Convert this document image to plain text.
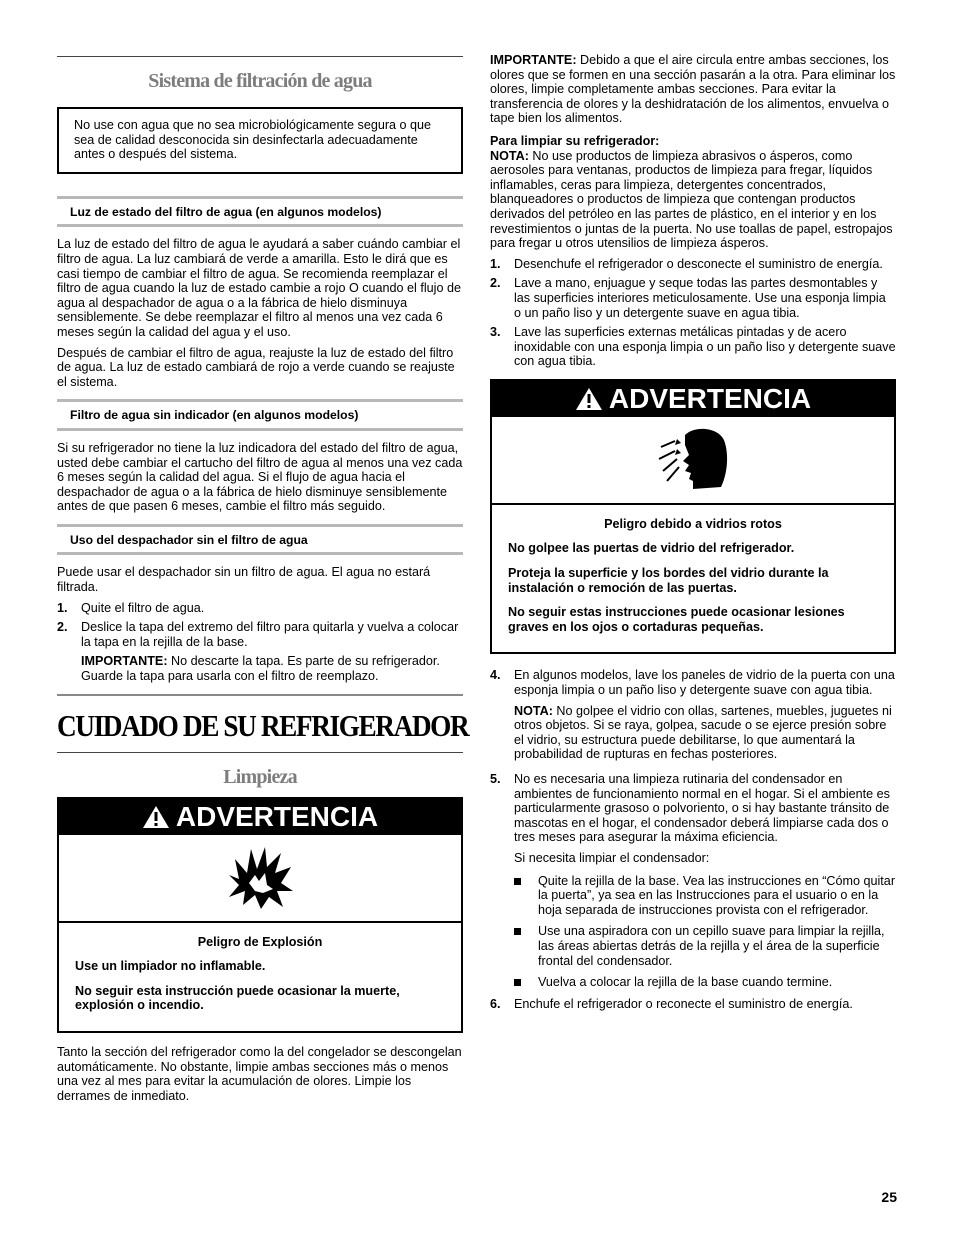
Sistema de filtración de agua

No use con agua que no sea microbiológicamente segura o que sea de calidad desconocida sin desinfectarla adecuadamente antes o después del sistema.

Luz de estado del filtro de agua (en algunos modelos)

La luz de estado del filtro de agua le ayudará a saber cuándo cambiar el filtro de agua. La luz cambiará de verde a amarilla. Esto le dirá que es casi tiempo de cambiar el filtro de agua. Se recomienda reemplazar el filtro de agua cuando la luz de estado cambie a rojo O cuando el flujo de agua al despachador de agua o a la fábrica de hielo disminuya sensiblemente. Se debe reemplazar el filtro al menos una vez cada 6 meses según la calidad del agua y el uso.

Después de cambiar el filtro de agua, reajuste la luz de estado del filtro de agua. La luz de estado cambiará de rojo a verde cuando se reajuste el sistema.

Filtro de agua sin indicador (en algunos modelos)

Si su refrigerador no tiene la luz indicadora del estado del filtro de agua, usted debe cambiar el cartucho del filtro de agua al menos una vez cada 6 meses según la calidad del agua. Si el flujo de agua hacia el despachador de agua o a la fábrica de hielo disminuye sensiblemente antes de que pasen 6 meses, cambie el filtro más seguido.

Uso del despachador sin el filtro de agua

Puede usar el despachador sin un filtro de agua. El agua no estará filtrada.

1. Quite el filtro de agua.
2. Deslice la tapa del extremo del filtro para quitarla y vuelva a colocar la tapa en la rejilla de la base.

IMPORTANTE: No descarte la tapa. Es parte de su refrigerador. Guarde la tapa para usarla con el filtro de reemplazo.

CUIDADO DE SU REFRIGERADOR
Limpieza
ADVERTENCIA

Peligro de Explosión

Use un limpiador no inflamable.

No seguir esta instrucción puede ocasionar la muerte, explosión o incendio.

Tanto la sección del refrigerador como la del congelador se descongelan automáticamente. No obstante, limpie ambas secciones más o menos una vez al mes para evitar la acumulación de olores. Limpie los derrames de inmediato.

IMPORTANTE: Debido a que el aire circula entre ambas secciones, los olores que se formen en una sección pasarán a la otra. Para eliminar los olores, limpie completamente ambas secciones. Para evitar la transferencia de olores y la deshidratación de los alimentos, envuelva o tape bien los alimentos.

Para limpiar su refrigerador:

NOTA: No use productos de limpieza abrasivos o ásperos, como aerosoles para ventanas, productos de limpieza para fregar, líquidos inflamables, ceras para limpieza, detergentes concentrados, blanqueadores o productos de limpieza que contengan productos derivados del petróleo en las partes de plástico, en el interior y en los revestimientos o juntas de la puerta. No use toallas de papel, estropajos para fregar u otros utensilios de limpieza ásperos.

1. Desenchufe el refrigerador o desconecte el suministro de energía.
2. Lave a mano, enjuague y seque todas las partes desmontables y las superficies interiores meticulosamente. Use una esponja limpia o un paño liso y un detergente suave en agua tibia.
3. Lave las superficies externas metálicas pintadas y de acero inoxidable con una esponja limpia o un paño liso y detergente suave con agua tibia.
ADVERTENCIA

Peligro debido a vidrios rotos

No golpee las puertas de vidrio del refrigerador.

Proteja la superficie y los bordes del vidrio durante la instalación o remoción de las puertas.

No seguir estas instrucciones puede ocasionar lesiones graves en los ojos o cortaduras pequeñas.

4. En algunos modelos, lave los paneles de vidrio de la puerta con una esponja limpia o un paño liso y detergente suave con agua tibia.

NOTA: No golpee el vidrio con ollas, sartenes, muebles, juguetes ni otros objetos. Si se raya, golpea, sacude o se ejerce presión sobre el vidrio, su estructura puede debilitarse, lo que aumentará la probabilidad de rupturas en fechas posteriores.

5. No es necesaria una limpieza rutinaria del condensador en ambientes de funcionamiento normal en el hogar. Si el ambiente es particularmente grasoso o polvoriento, o si hay bastante tránsito de mascotas en el hogar, el condensador deberá limpiarse cada dos o tres meses para asegurar la máxima eficiencia.

Si necesita limpiar el condensador:

Quite la rejilla de la base. Vea las instrucciones en “Cómo quitar la puerta”, ya sea en las Instrucciones para el usuario o en la hoja separada de instrucciones provista con el refrigerador.
Use una aspiradora con un cepillo suave para limpiar la rejilla, las áreas abiertas detrás de la rejilla y el área de la superficie frontal del condensador.
Vuelva a colocar la rejilla de la base cuando termine.
6. Enchufe el refrigerador o reconecte el suministro de energía.
25
